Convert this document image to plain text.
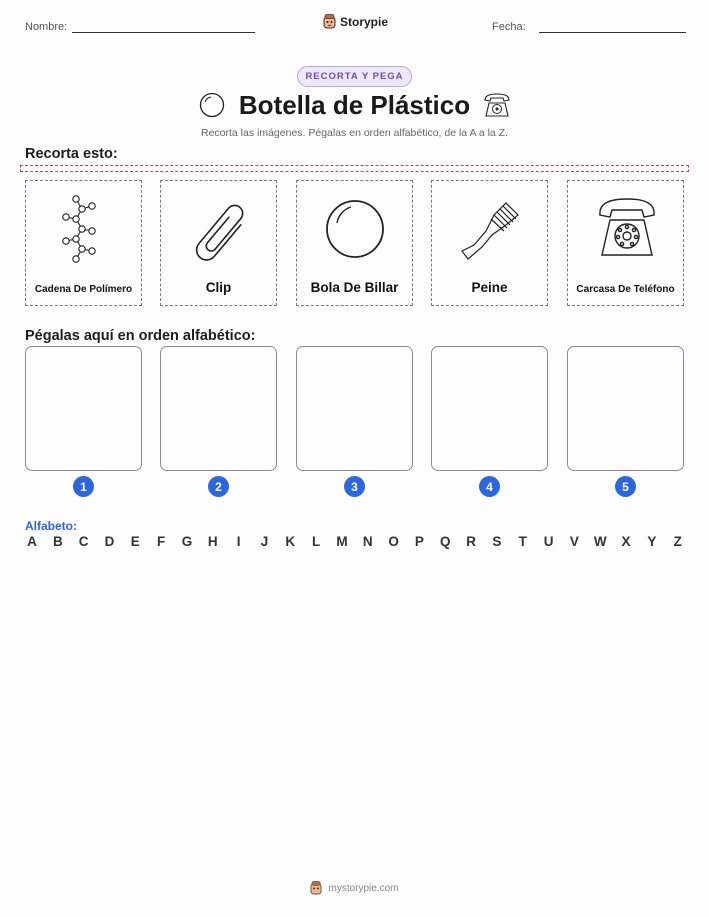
Nombre:	Storypie	Fecha:
RECORTA Y PEGA
Botella de Plástico
Recorta las imágenes. Pégalas en orden alfabético, de la A a la Z.
Recorta esto:
Cadena De Polímero	Clip	Bola De Billar	Peine	Carcasa De Teléfono
Pégalas aquí en orden alfabético:
1	2	3	4	5
Alfabeto:
A B C D E F G H	I	J K L M N O P Q R S T U V W X Y Z
mystorypie.com
